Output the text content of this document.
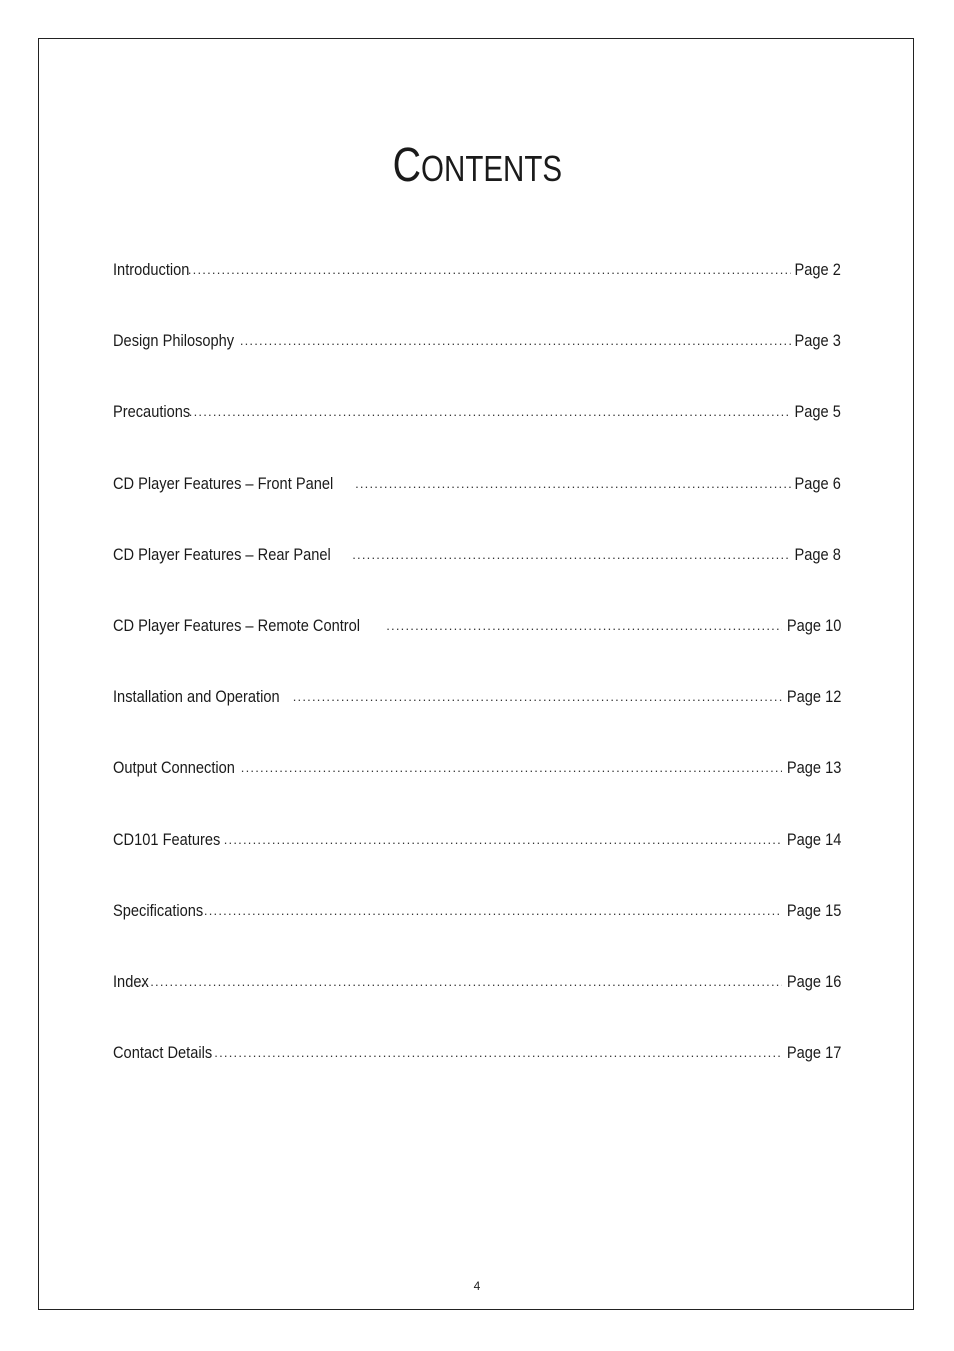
CONTENTS
Introduction .....	Page 2
Design Philosophy .....	Page 3
Precautions .....	Page 5
CD Player Features – Front Panel .....	Page 6
CD Player Features – Rear Panel .....	Page 8
CD Player Features – Remote Control .....	Page 10
Installation and Operation .....	Page 12
Output Connection .....	Page 13
CD101 Features .....	Page 14
Specifications .....	Page 15
Index .....	Page 16
Contact Details .....	Page 17
4
